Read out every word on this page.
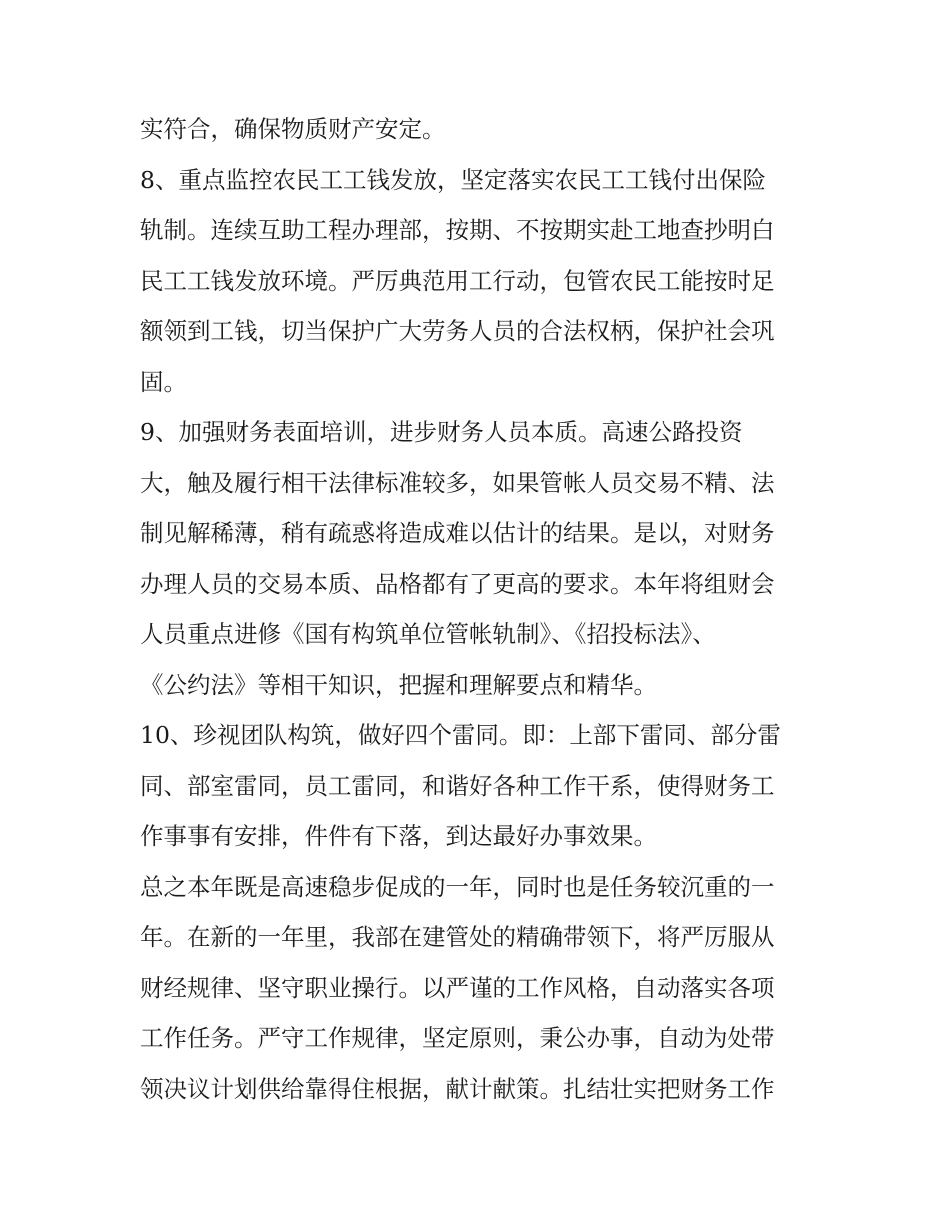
实符合，确保物质财产安定。
8、重点监控农民工工钱发放，坚定落实农民工工钱付出保险
轨制。连续互助工程办理部，按期、不按期实赴工地查抄明白
民工工钱发放环境。严厉典范用工行动，包管农民工能按时足
额领到工钱，切当保护广大劳务人员的合法权柄，保护社会巩
固。
9、加强财务表面培训，进步财务人员本质。高速公路投资
大，触及履行相干法律标准较多，如果管帐人员交易不精、法
制见解稀薄，稍有疏惑将造成难以估计的结果。是以，对财务
办理人员的交易本质、品格都有了更高的要求。本年将组财会
人员重点进修《国有构筑单位管帐轨制》、《招投标法》、
《公约法》等相干知识，把握和理解要点和精华。
10、珍视团队构筑，做好四个雷同。即：上部下雷同、部分雷
同、部室雷同，员工雷同，和谐好各种工作干系，使得财务工
作事事有安排，件件有下落，到达最好办事效果。
总之本年既是高速稳步促成的一年，同时也是任务较沉重的一
年。在新的一年里，我部在建管处的精确带领下，将严厉服从
财经规律、坚守职业操行。以严谨的工作风格，自动落实各项
工作任务。严守工作规律，坚定原则，秉公办事，自动为处带
领决议计划供给靠得住根据，献计献策。扎结壮实把财务工作
